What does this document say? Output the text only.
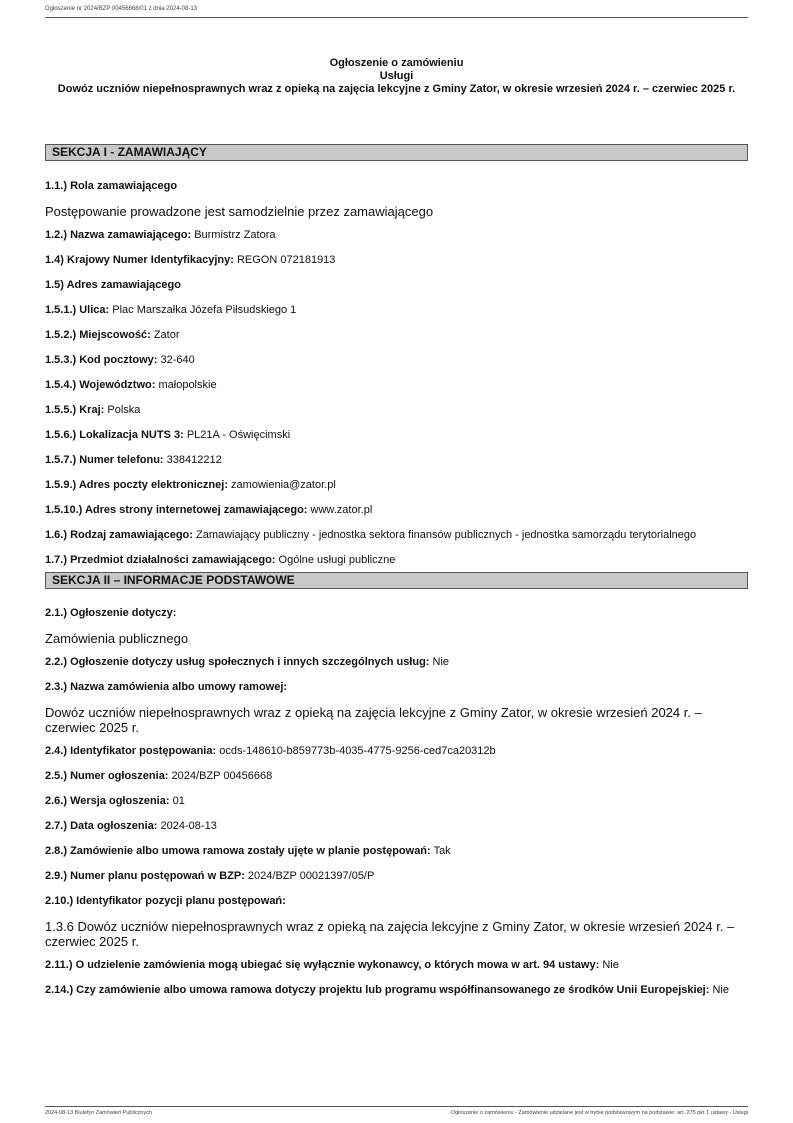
Ogłoszenie nr 2024/BZP 00456668/01 z dnia 2024-08-13
Ogłoszenie o zamówieniu
Usługi
Dowóz uczniów niepełnosprawnych wraz z opieką na zajęcia lekcyjne z Gminy Zator, w okresie wrzesień 2024 r. – czerwiec 2025 r.
SEKCJA I - ZAMAWIAJĄCY
1.1.) Rola zamawiającego
Postępowanie prowadzone jest samodzielnie przez zamawiającego
1.2.) Nazwa zamawiającego: Burmistrz Zatora
1.4) Krajowy Numer Identyfikacyjny: REGON 072181913
1.5) Adres zamawiającego
1.5.1.) Ulica: Plac Marszałka Józefa Piłsudskiego 1
1.5.2.) Miejscowość: Zator
1.5.3.) Kod pocztowy: 32-640
1.5.4.) Województwo: małopolskie
1.5.5.) Kraj: Polska
1.5.6.) Lokalizacja NUTS 3: PL21A - Oświęcimski
1.5.7.) Numer telefonu: 338412212
1.5.9.) Adres poczty elektronicznej: zamowienia@zator.pl
1.5.10.) Adres strony internetowej zamawiającego: www.zator.pl
1.6.) Rodzaj zamawiającego: Zamawiający publiczny - jednostka sektora finansów publicznych - jednostka samorządu terytorialnego
1.7.) Przedmiot działalności zamawiającego: Ogólne usługi publiczne
SEKCJA II – INFORMACJE PODSTAWOWE
2.1.) Ogłoszenie dotyczy:
Zamówienia publicznego
2.2.) Ogłoszenie dotyczy usług społecznych i innych szczególnych usług: Nie
2.3.) Nazwa zamówienia albo umowy ramowej:
Dowóz uczniów niepełnosprawnych wraz z opieką na zajęcia lekcyjne z Gminy Zator, w okresie wrzesień 2024 r. – czerwiec 2025 r.
2.4.) Identyfikator postępowania: ocds-148610-b859773b-4035-4775-9256-ced7ca20312b
2.5.) Numer ogłoszenia: 2024/BZP 00456668
2.6.) Wersja ogłoszenia: 01
2.7.) Data ogłoszenia: 2024-08-13
2.8.) Zamówienie albo umowa ramowa zostały ujęte w planie postępowań: Tak
2.9.) Numer planu postępowań w BZP: 2024/BZP 00021397/05/P
2.10.) Identyfikator pozycji planu postępowań:
1.3.6 Dowóz uczniów niepełnosprawnych wraz z opieką na zajęcia lekcyjne z Gminy Zator, w okresie wrzesień 2024 r. – czerwiec 2025 r.
2.11.) O udzielenie zamówienia mogą ubiegać się wyłącznie wykonawcy, o których mowa w art. 94 ustawy: Nie
2.14.) Czy zamówienie albo umowa ramowa dotyczy projektu lub programu współfinansowanego ze środków Unii Europejskiej: Nie
2024-08-13 Biuletyn Zamówień Publicznych	Ogłoszenie o zamówieniu - Zamówienie udzielane jest w trybie podstawowym na podstawie: art. 275 pkt 1 ustawy - Usługi
